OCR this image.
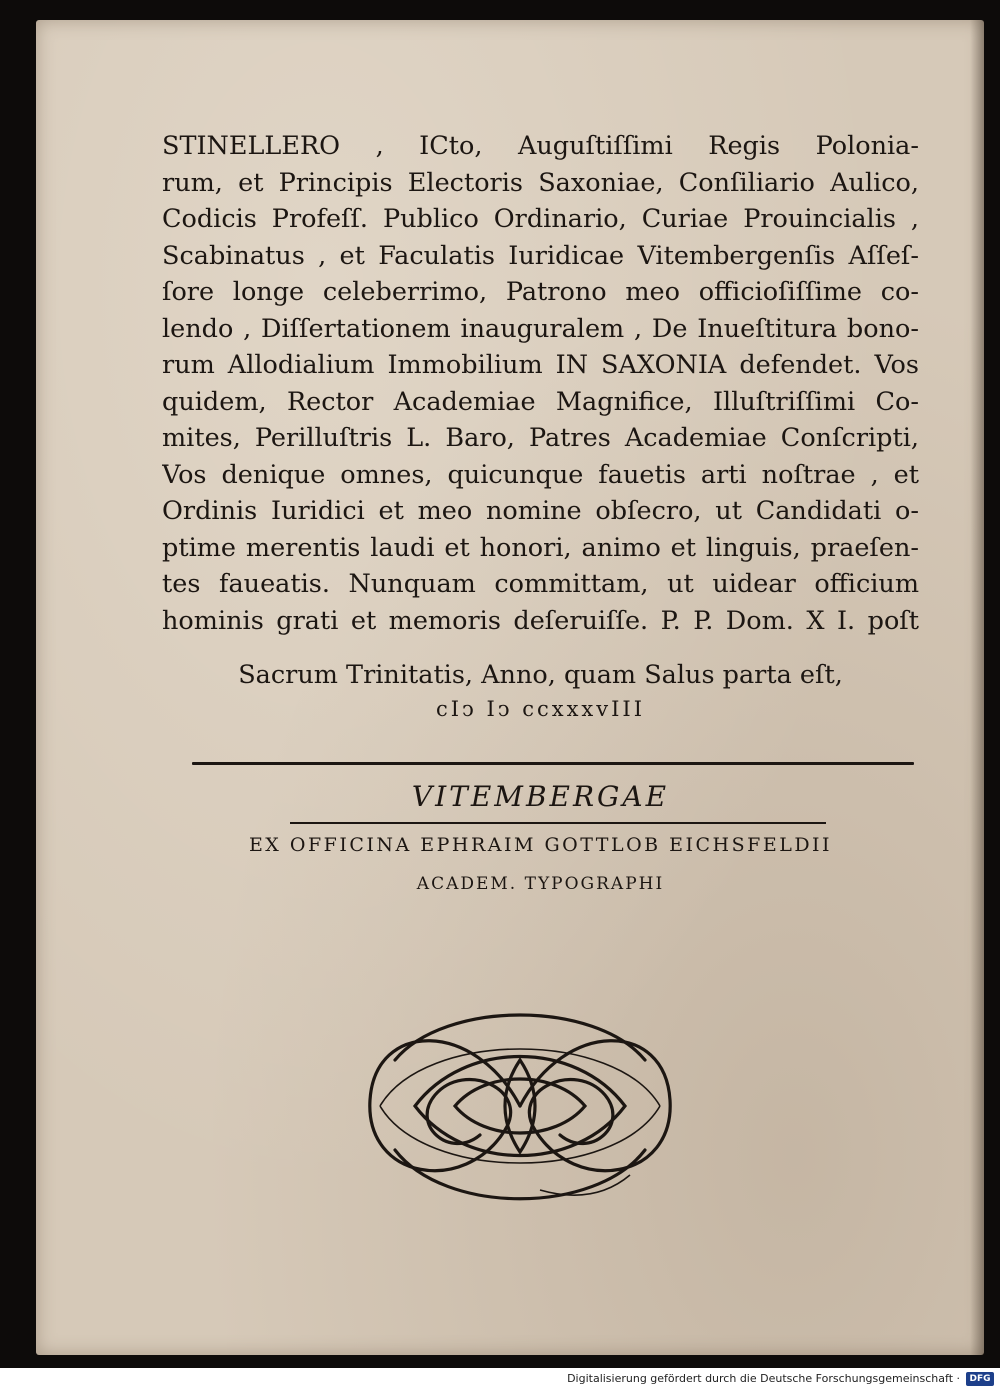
STINELLERO , ICto, Auguſtiſſimi Regis Polonia-
rum, et Principis Electoris Saxoniae, Conſiliario Aulico,
Codicis Profeſſ. Publico Ordinario, Curiae Prouincialis ,
Scabinatus , et Faculatis Iuridicae Vitembergenſis Aſſeſ-
ſore longe celeberrimo, Patrono meo officioſiſſime co-
lendo , Diſſertationem inauguralem , De Inueſtitura bono-
rum Allodialium Immobilium IN SAXONIA defendet. Vos
quidem, Rector Academiae Magnifice, Illuſtriſſimi Co-
mites, Perilluſtris L. Baro, Patres Academiae Conſcripti,
Vos denique omnes, quicunque fauetis arti noſtrae , et
Ordinis Iuridici et meo nomine obſecro, ut Candidati o-
ptime merentis laudi et honori, animo et linguis, praeſen-
tes faueatis. Nunquam committam, ut uidear officium
hominis grati et memoris deſeruiſſe. P. P. Dom. X I. poſt
Sacrum Trinitatis, Anno, quam Salus parta eſt,
cIↄ Iↄ ccxxxvIII
VITEMBERGAE
EX OFFICINA EPHRAIM GOTTLOB EICHSFELDII
ACADEM. TYPOGRAPHI
Digitalisierung gefördert durch die Deutsche Forschungsgemeinschaft ·	DFG
